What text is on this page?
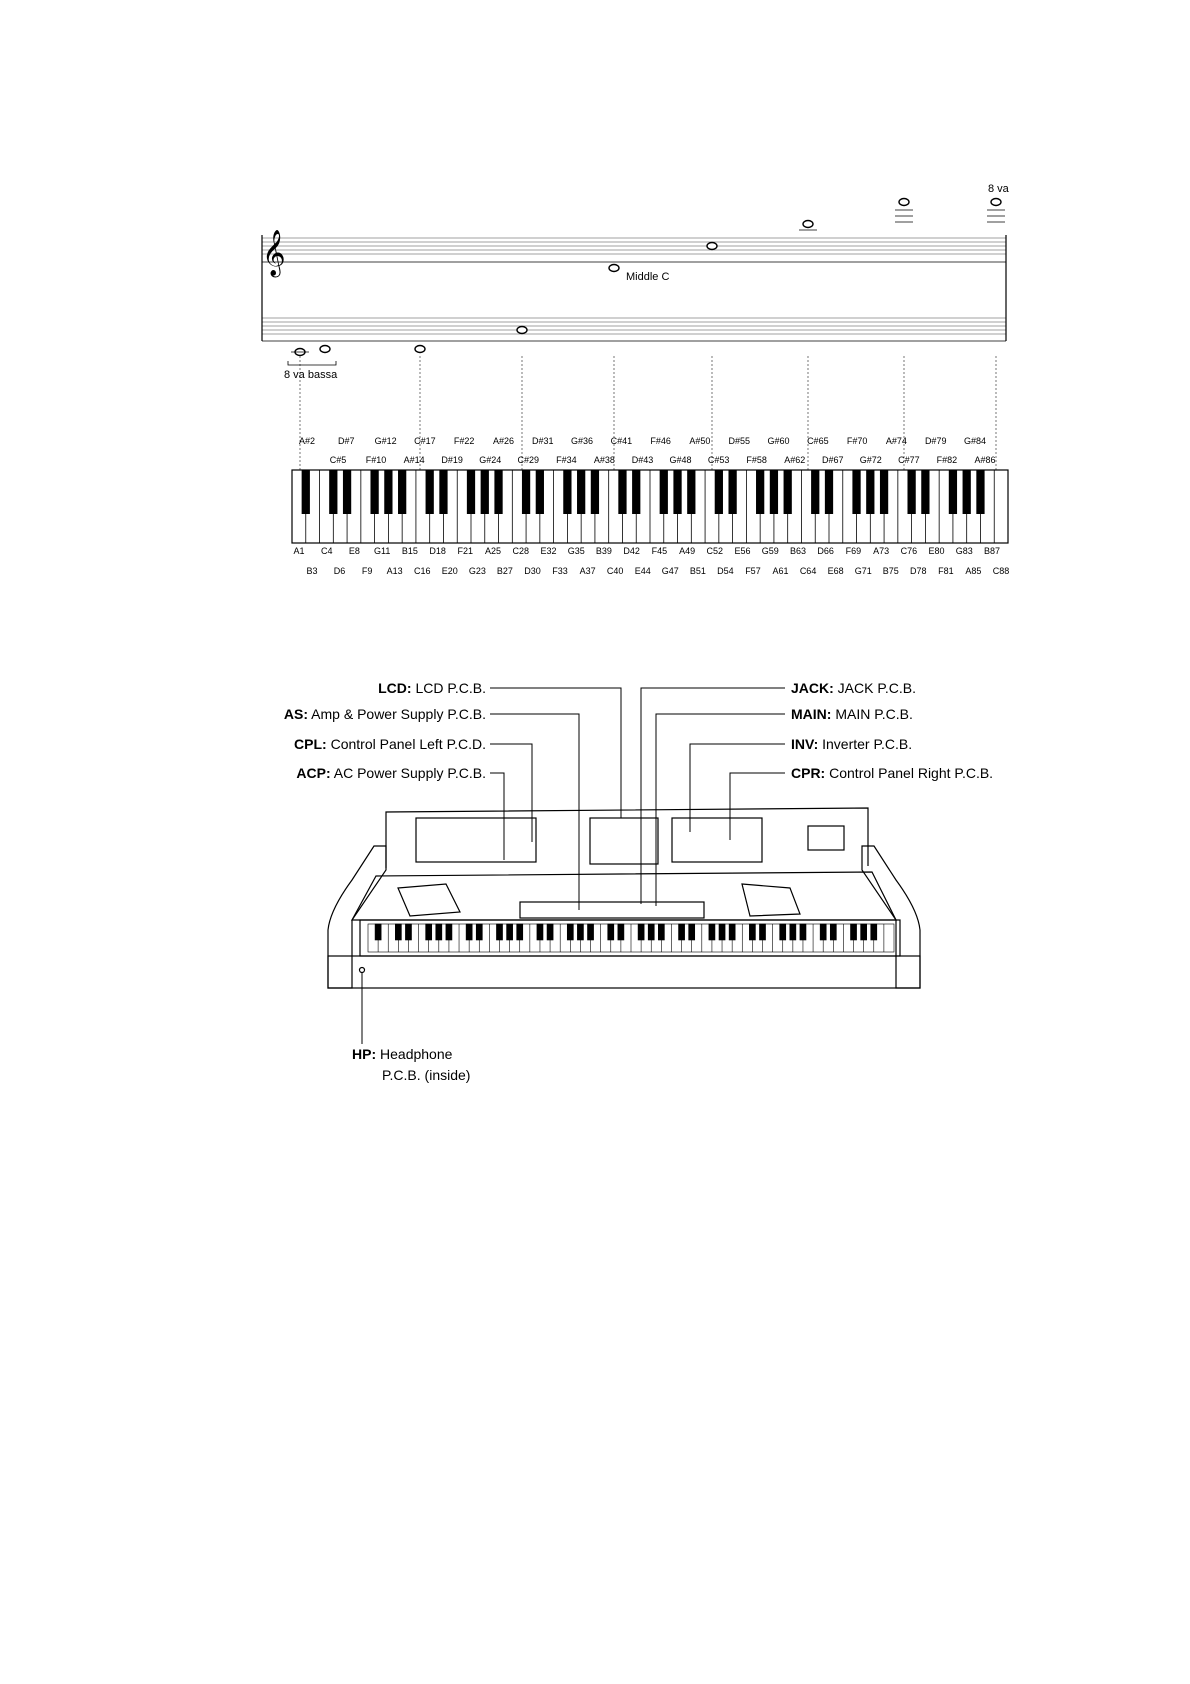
𝄞
8 va
8 va bassa
Middle C
A#2	D#7 G#12 C#17 F#22 A#26 D#31 G#36 C#41 F#46 A#50 D#55 G#60 C#65 F#70 A#74 D#79 G#84
C#5 F#10 A#14 D#19 G#24 C#29 F#34 A#38 D#43 G#48 C#53 F#58 A#62 D#67 G#72 C#77 F#82 A#86
A1 C4 E8 G11 B15 D18 F21 A25 C28 E32 G35 B39 D42 F45 A49 C52 E56 G59 B63 D66 F69 A73 C76 E80 G83 B87
B3 D6 F9 A13 C16 E20 G23 B27 D30 F33 A37 C40 E44 G47 B51 D54 F57 A61 C64 E68 G71 B75 D78 F81 A85 C88
LCD: LCD P.C.B.
AS: Amp & Power Supply P.C.B.
CPL: Control Panel Left P.C.D.
ACP: AC Power Supply P.C.B.
JACK: JACK P.C.B.
MAIN: MAIN P.C.B.
INV: Inverter P.C.B.
CPR: Control Panel Right P.C.B.
HP: Headphone
P.C.B. (inside)
